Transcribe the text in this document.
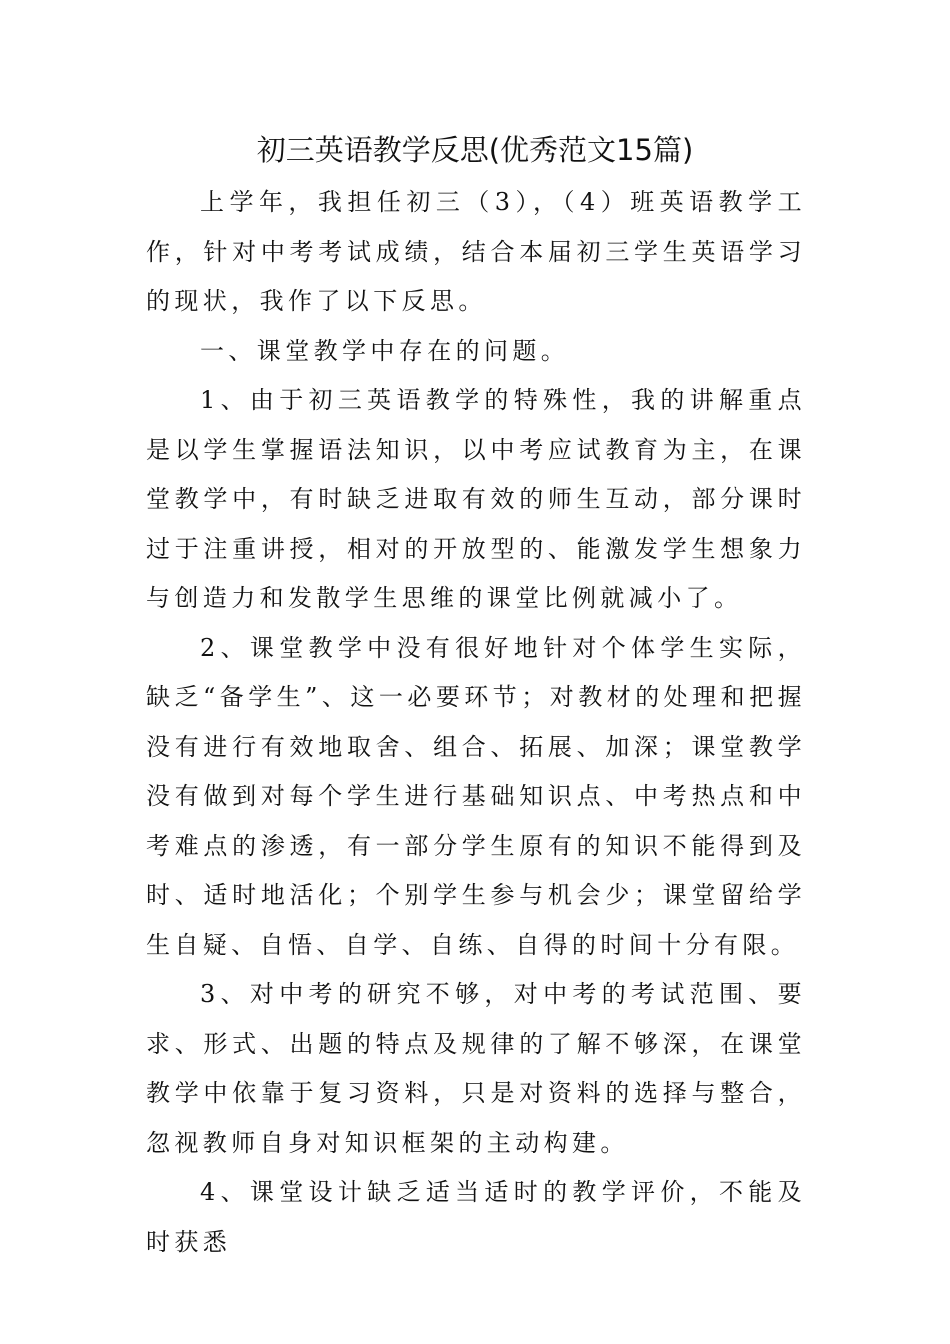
初三英语教学反思(优秀范文15篇)

上学年，我担任初三（3），（4）班英语教学工作，针对中考考试成绩，结合本届初三学生英语学习的现状，我作了以下反思。

一、课堂教学中存在的问题。

1、由于初三英语教学的特殊性，我的讲解重点是以学生掌握语法知识，以中考应试教育为主，在课堂教学中，有时缺乏进取有效的师生互动，部分课时过于注重讲授，相对的开放型的、能激发学生想象力与创造力和发散学生思维的课堂比例就减小了。

2、课堂教学中没有很好地针对个体学生实际，缺乏“备学生”、这一必要环节；对教材的处理和把握没有进行有效地取舍、组合、拓展、加深；课堂教学没有做到对每个学生进行基础知识点、中考热点和中考难点的渗透，有一部分学生原有的知识不能得到及时、适时地活化；个别学生参与机会少；课堂留给学生自疑、自悟、自学、自练、自得的时间十分有限。

3、对中考的研究不够，对中考的考试范围、要求、形式、出题的特点及规律的了解不够深，在课堂教学中依靠于复习资料，只是对资料的选择与整合，忽视教师自身对知识框架的主动构建。

4、课堂设计缺乏适当适时的教学评价，不能及时获悉
